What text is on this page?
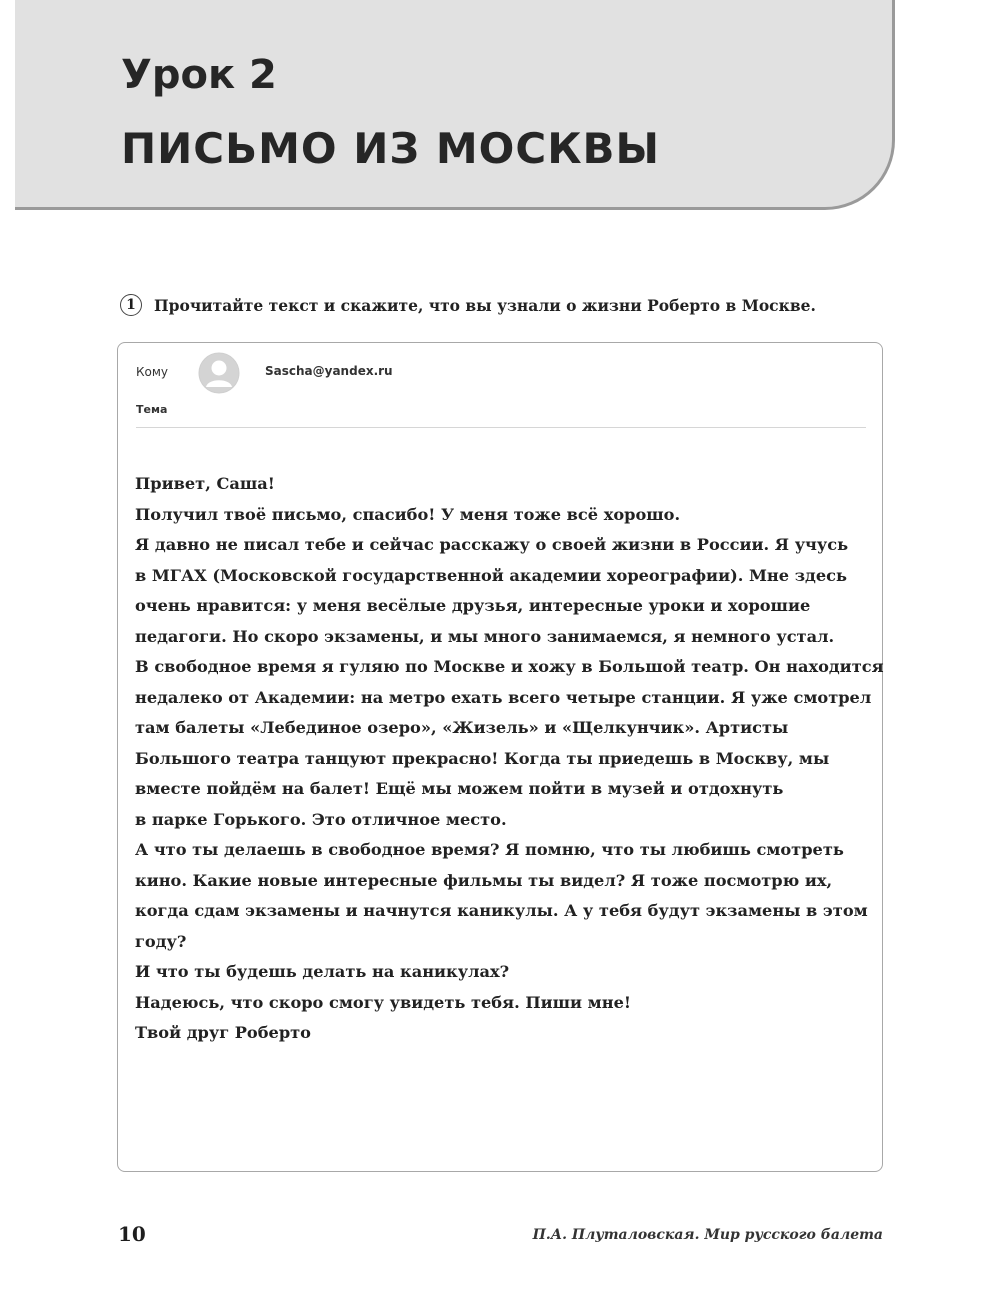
Урок 2
ПИСЬМО ИЗ МОСКВЫ
1	Прочитайте текст и скажите, что вы узнали о жизни Роберто в Москве.
Кому	Sascha@yandex.ru
Тема
Привет, Саша!
Получил твоё письмо, спасибо! У меня тоже всё хорошо.
Я давно не писал тебе и сейчас расскажу о своей жизни в России. Я учусь
в МГАХ (Московской государственной академии хореографии). Мне здесь
очень нравится: у меня весёлые друзья, интересные уроки и хорошие
педагоги. Но скоро экзамены, и мы много занимаемся, я немного устал.
В свободное время я гуляю по Москве и хожу в Большой театр. Он находится
недалеко от Академии: на метро ехать всего четыре станции. Я уже смотрел
там балеты «Лебединое озеро», «Жизель» и «Щелкунчик». Артисты
Большого театра танцуют прекрасно! Когда ты приедешь в Москву, мы
вместе пойдём на балет! Ещё мы можем пойти в музей и отдохнуть
в парке Горького. Это отличное место.
А что ты делаешь в свободное время? Я помню, что ты любишь смотреть
кино. Какие новые интересные фильмы ты видел? Я тоже посмотрю их,
когда сдам экзамены и начнутся каникулы. А у тебя будут экзамены в этом
году?
И что ты будешь делать на каникулах?
Надеюсь, что скоро смогу увидеть тебя. Пиши мне!
Твой друг Роберто
10	П.А. Плуталовская. Мир русского балета
